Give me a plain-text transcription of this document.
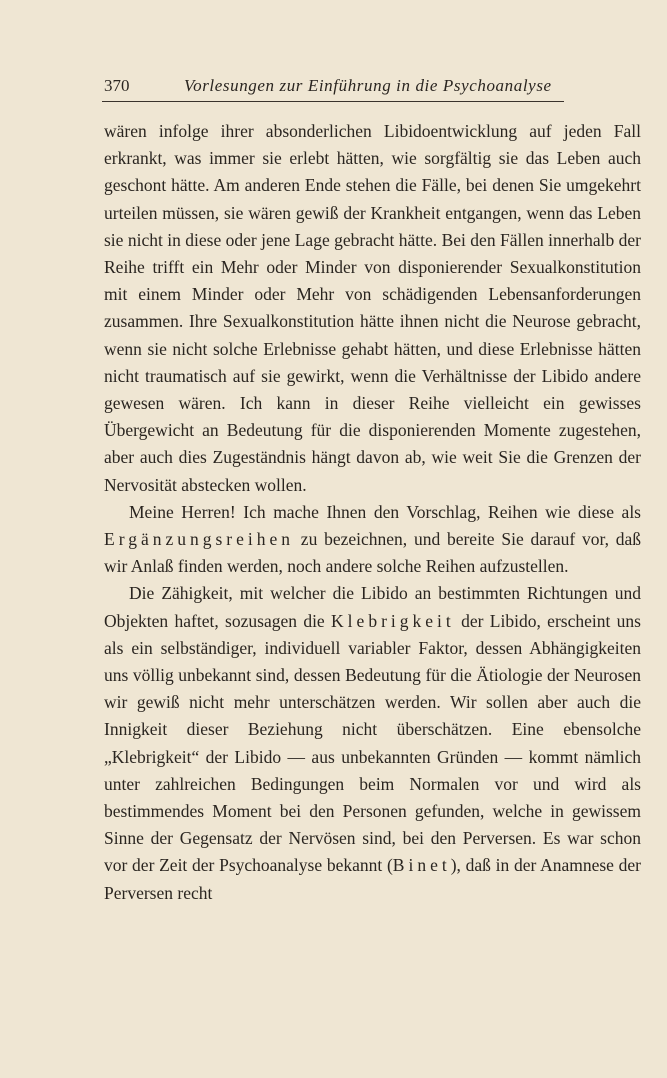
370	Vorlesungen zur Einführung in die Psychoanalyse

wären infolge ihrer absonderlichen Libidoentwicklung auf jeden Fall erkrankt, was immer sie erlebt hätten, wie sorgfältig sie das Leben auch geschont hätte. Am anderen Ende stehen die Fälle, bei denen Sie umgekehrt urteilen müssen, sie wären gewiß der Krankheit entgangen, wenn das Leben sie nicht in diese oder jene Lage gebracht hätte. Bei den Fällen innerhalb der Reihe trifft ein Mehr oder Minder von disponierender Sexualkonstitution mit einem Minder oder Mehr von schädigenden Lebensanforderungen zusammen. Ihre Sexualkonstitution hätte ihnen nicht die Neurose gebracht, wenn sie nicht solche Erlebnisse gehabt hätten, und diese Erlebnisse hätten nicht traumatisch auf sie gewirkt, wenn die Verhältnisse der Libido andere gewesen wären. Ich kann in dieser Reihe vielleicht ein gewisses Übergewicht an Bedeutung für die disponierenden Momente zugestehen, aber auch dies Zugeständnis hängt davon ab, wie weit Sie die Grenzen der Nervosität abstecken wollen.

Meine Herren! Ich mache Ihnen den Vorschlag, Reihen wie diese als Ergänzungsreihen zu bezeichnen, und bereite Sie darauf vor, daß wir Anlaß finden werden, noch andere solche Reihen aufzustellen.

Die Zähigkeit, mit welcher die Libido an bestimmten Richtungen und Objekten haftet, sozusagen die Klebrigkeit der Libido, erscheint uns als ein selbständiger, individuell variabler Faktor, dessen Abhängigkeiten uns völlig unbekannt sind, dessen Bedeutung für die Ätiologie der Neurosen wir gewiß nicht mehr unterschätzen werden. Wir sollen aber auch die Innigkeit dieser Beziehung nicht überschätzen. Eine ebensolche „Klebrigkeit“ der Libido — aus unbekannten Gründen — kommt nämlich unter zahlreichen Bedingungen beim Normalen vor und wird als bestimmendes Moment bei den Personen gefunden, welche in gewissem Sinne der Gegensatz der Nervösen sind, bei den Perversen. Es war schon vor der Zeit der Psychoanalyse bekannt (Binet), daß in der Anamnese der Perversen recht
